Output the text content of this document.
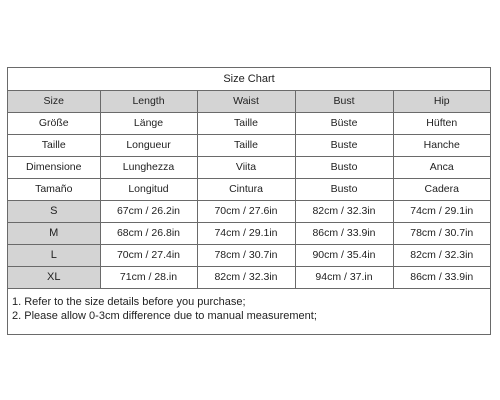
Size Chart				
Size	Length	Waist	Bust	Hip
Größe	Länge	Taille	Büste	Hüften
Taille	Longueur	Taille	Buste	Hanche
Dimensione	Lunghezza	Viita	Busto	Anca
Tamaño	Longitud	Cintura	Busto	Cadera
S	67cm / 26.2in	70cm / 27.6in	82cm / 32.3in	74cm / 29.1in
M	68cm / 26.8in	74cm / 29.1in	86cm / 33.9in	78cm / 30.7in
L	70cm / 27.4in	78cm / 30.7in	90cm / 35.4in	82cm / 32.3in
XL	71cm / 28.in	82cm / 32.3in	94cm / 37.in	86cm / 33.9in
1. Refer to the size details before you purchase;
2. Please allow 0-3cm difference due to manual measurement;
